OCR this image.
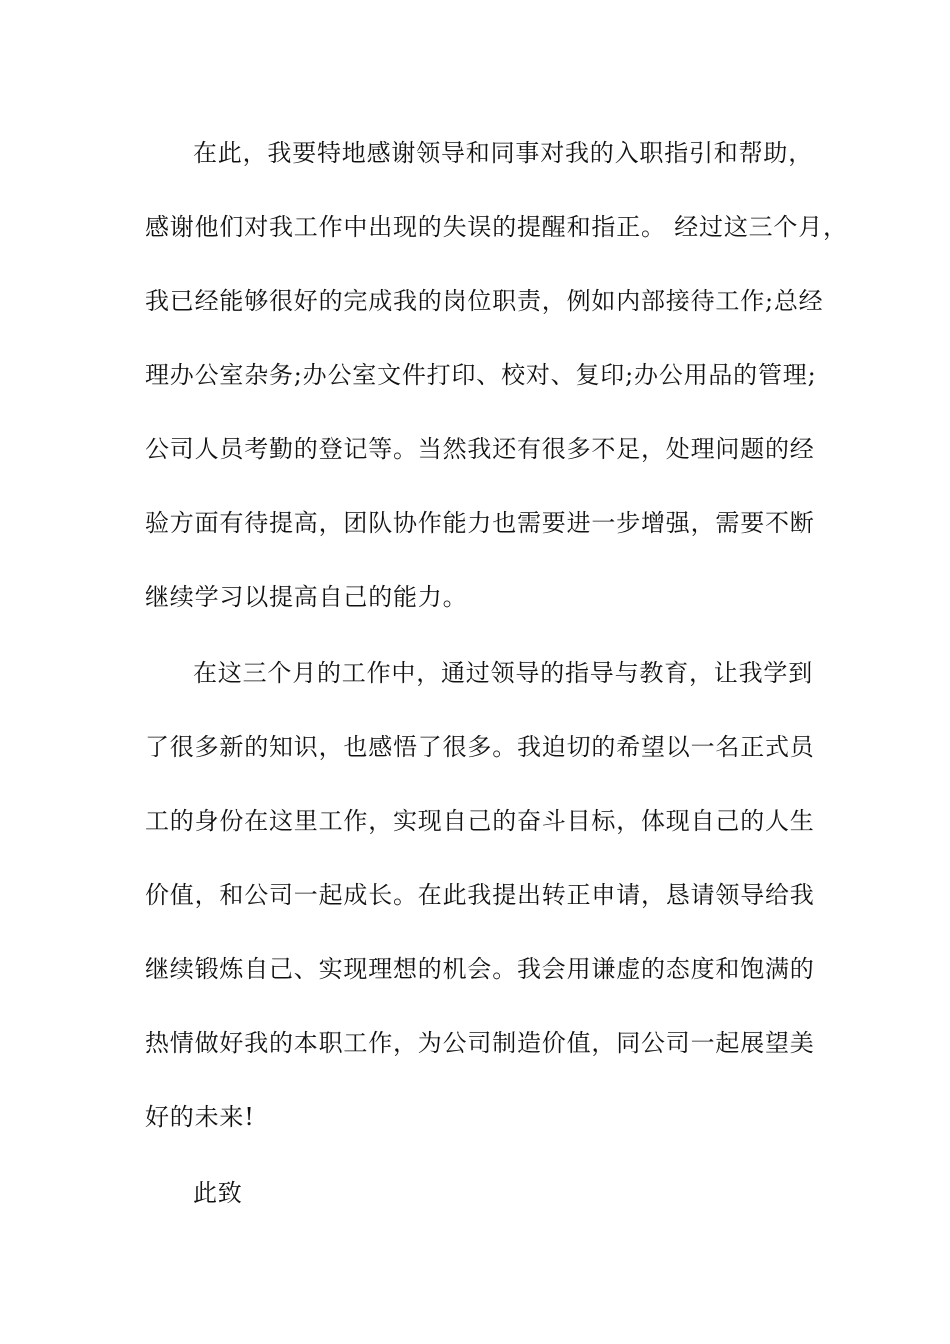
在此，我要特地感谢领导和同事对我的入职指引和帮助，

感谢他们对我工作中出现的失误的提醒和指正。 经过这三个月，

我已经能够很好的完成我的岗位职责，例如内部接待工作;总经

理办公室杂务;办公室文件打印、校对、复印;办公用品的管理;

公司人员考勤的登记等。当然我还有很多不足，处理问题的经

验方面有待提高，团队协作能力也需要进一步增强，需要不断

继续学习以提高自己的能力。

在这三个月的工作中，通过领导的指导与教育，让我学到

了很多新的知识，也感悟了很多。我迫切的希望以一名正式员

工的身份在这里工作，实现自己的奋斗目标，体现自己的人生

价值，和公司一起成长。在此我提出转正申请，恳请领导给我

继续锻炼自己、实现理想的机会。我会用谦虚的态度和饱满的

热情做好我的本职工作，为公司制造价值，同公司一起展望美

好的未来!

此致
